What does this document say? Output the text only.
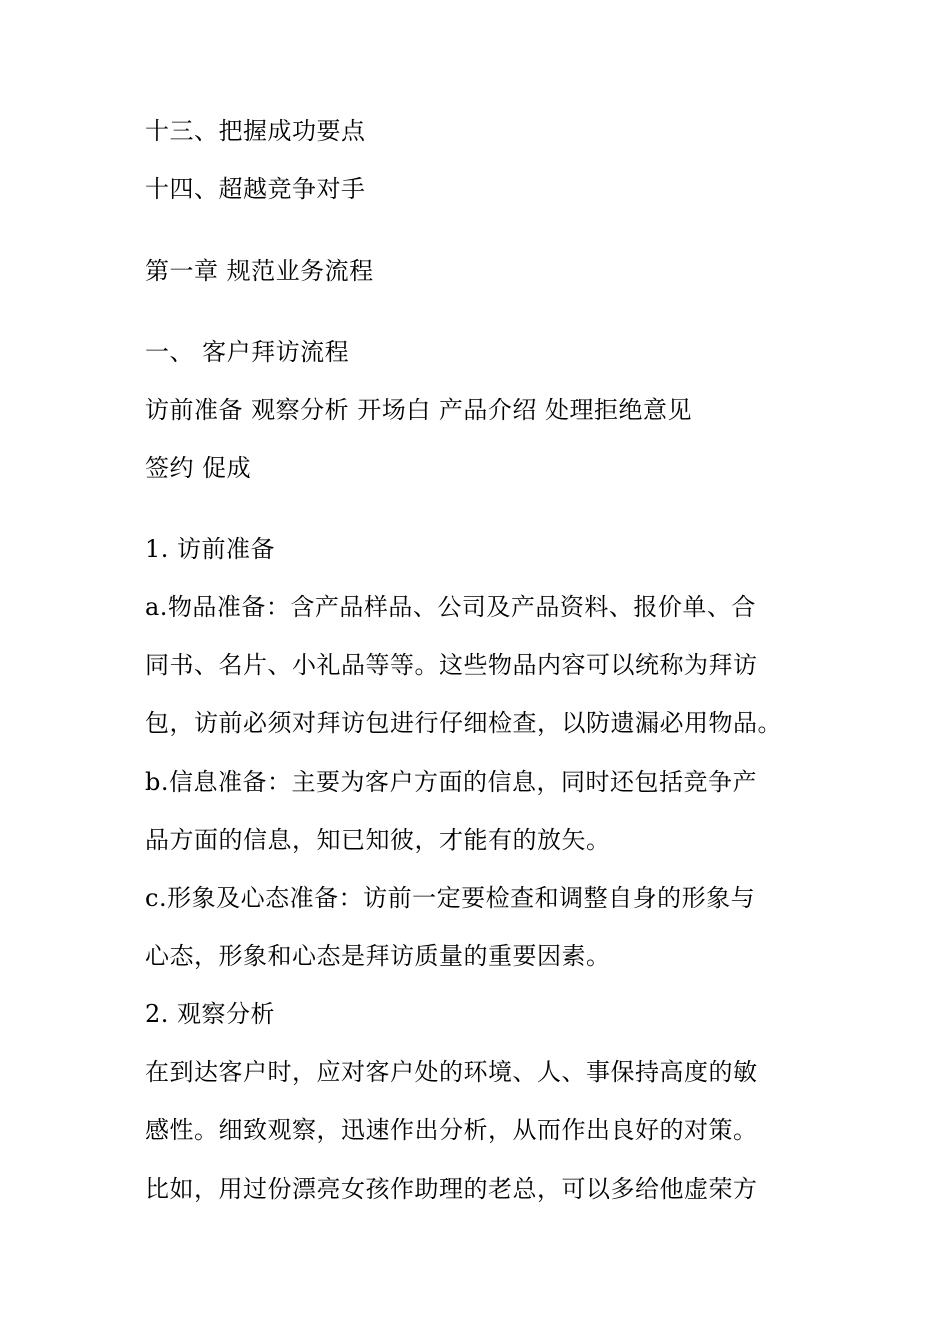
十三、把握成功要点
十四、超越竞争对手
第一章 规范业务流程
一、 客户拜访流程
访前准备 观察分析 开场白 产品介绍 处理拒绝意见
签约 促成
1. 访前准备
a.物品准备：含产品样品、公司及产品资料、报价单、合
同书、名片、小礼品等等。这些物品内容可以统称为拜访
包，访前必须对拜访包进行仔细检查，以防遗漏必用物品。
b.信息准备：主要为客户方面的信息，同时还包括竞争产
品方面的信息，知已知彼，才能有的放矢。
c.形象及心态准备：访前一定要检查和调整自身的形象与
心态，形象和心态是拜访质量的重要因素。
2. 观察分析
在到达客户时，应对客户处的环境、人、事保持高度的敏
感性。细致观察，迅速作出分析，从而作出良好的对策。
比如，用过份漂亮女孩作助理的老总，可以多给他虚荣方
